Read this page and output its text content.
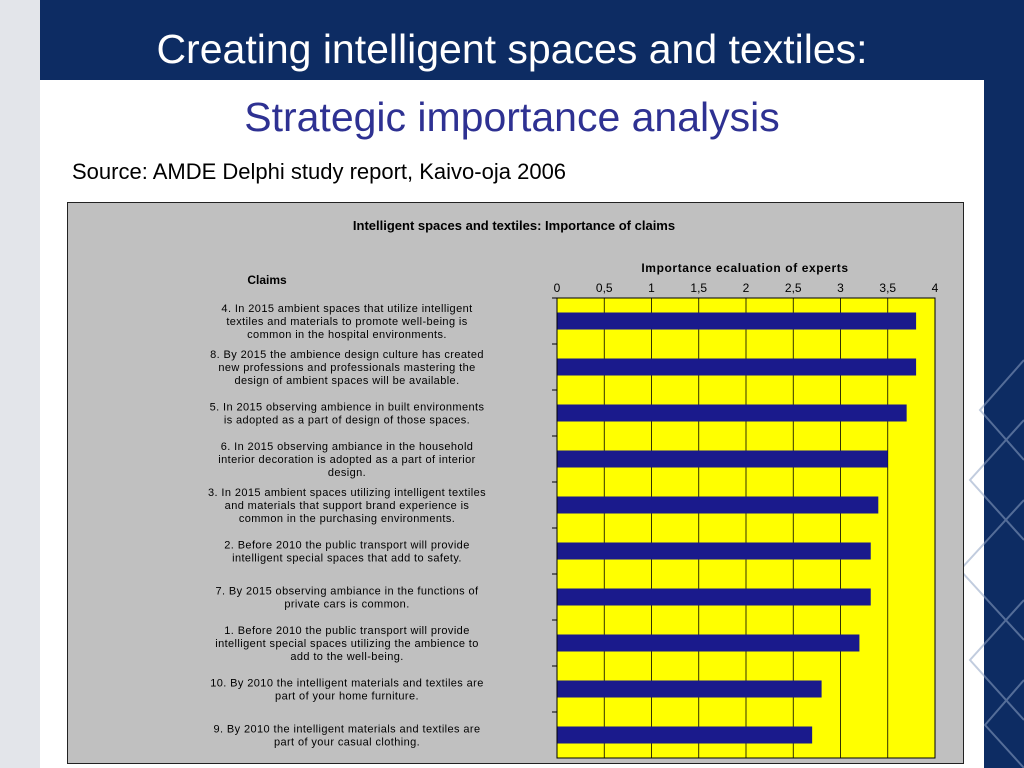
Creating intelligent spaces and textiles:
Strategic importance analysis
Source: AMDE Delphi study report, Kaivo-oja 2006
Intelligent spaces and textiles: Importance of claims
Importance ecaluation of experts
Claims
0	0,5	1	1,5	2	2,5	3	3,5	4
4. In 2015 ambient spaces that utilize intelligent textiles and materials to promote well-being is common in the hospital environments.
8. By 2015 the ambience design culture has created new professions and professionals mastering the design of ambient spaces will be available.
5. In 2015 observing ambience in built environments is adopted as a part of design of those spaces.
6. In 2015 observing ambiance in the household interior decoration is adopted as a part of interior design.
3. In 2015 ambient spaces utilizing intelligent textiles and materials that support brand experience is common in the purchasing environments.
2. Before 2010 the public transport will provide intelligent special spaces that add to safety.
7. By 2015 observing ambiance in the functions of private cars is common.
1. Before 2010 the public transport will provide intelligent special spaces utilizing the ambience to add to the well-being.
10. By 2010 the intelligent materials and textiles are part of your home furniture.
9. By 2010 the intelligent materials and textiles are part of your casual clothing.
